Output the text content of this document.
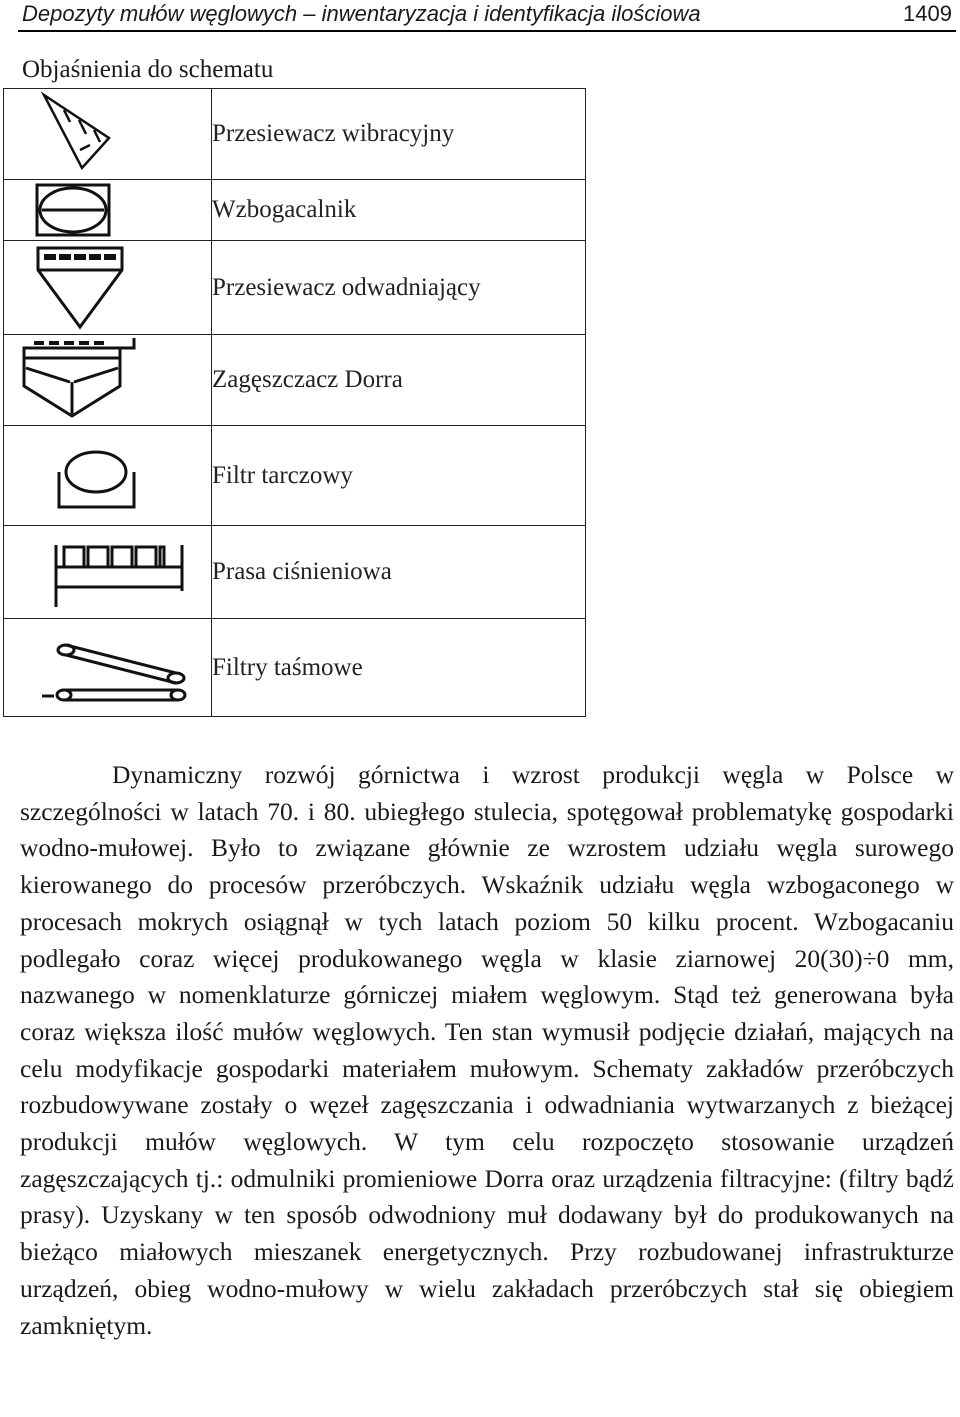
Depozyty mułów węglowych – inwentaryzacja i identyfikacja ilościowa	1409
Objaśnienia do schematu
	Przesiewacz wibracyjny

	Wzbogacalnik

	Przesiewacz odwadniający

	Zagęszczacz Dorra

	Filtr tarczowy

	Prasa ciśnieniowa

	Filtry taśmowe

Dynamiczny rozwój górnictwa i wzrost produkcji węgla w Polsce w szczególności w latach 70. i 80. ubiegłego stulecia, spotęgował problematykę gospodarki wodno-mułowej. Było to związane głównie ze wzrostem udziału węgla surowego kierowanego do procesów przeróbczych. Wskaźnik udziału węgla wzbogaconego w procesach mokrych osiągnął w tych latach poziom 50 kilku procent. Wzbogacaniu podlegało coraz więcej produkowanego węgla w klasie ziarnowej 20(30)÷0 mm, nazwanego w nomenklaturze górniczej miałem węglowym. Stąd też generowana była coraz większa ilość mułów węglowych. Ten stan wymusił podjęcie działań, mających na celu modyfikacje gospodarki materiałem mułowym. Schematy zakładów przeróbczych rozbudowywane zostały o węzeł zagęszczania i odwadniania wytwarzanych z bieżącej produkcji mułów węglowych. W tym celu rozpoczęto stosowanie urządzeń zagęszczających tj.: odmulniki promieniowe Dorra oraz urządzenia filtracyjne: (filtry bądź prasy). Uzyskany w ten sposób odwodniony muł dodawany był do produkowanych na bieżąco miałowych mieszanek energetycznych. Przy rozbudowanej infrastrukturze urządzeń, obieg wodno-mułowy w wielu zakładach przeróbczych stał się obiegiem zamkniętym.
